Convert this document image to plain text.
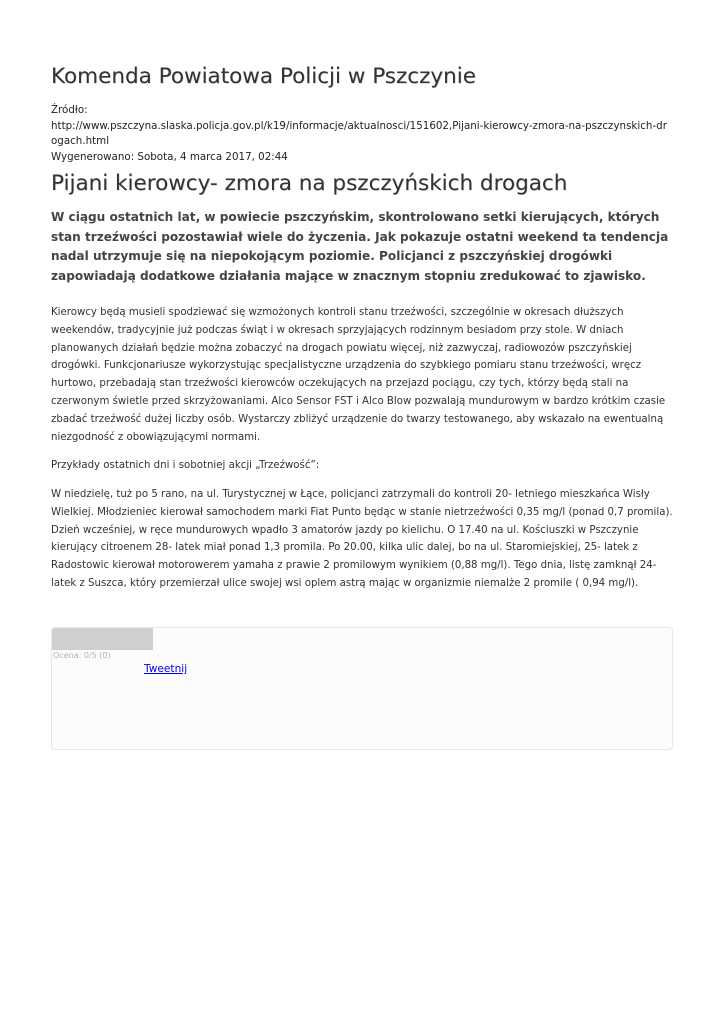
Komenda Powiatowa Policji w Pszczynie
Źródło:
http://www.pszczyna.slaska.policja.gov.pl/k19/informacje/aktualnosci/151602,Pijani-kierowcy-zmora-na-pszczynskich-drogach.html
Wygenerowano: Sobota, 4 marca 2017, 02:44
Pijani kierowcy- zmora na pszczyńskich drogach

W ciągu ostatnich lat, w powiecie pszczyńskim, skontrolowano setki kierujących, których stan trzeźwości pozostawiał wiele do życzenia. Jak pokazuje ostatni weekend ta tendencja nadal utrzymuje się na niepokojącym poziomie. Policjanci z pszczyńskiej drogówki zapowiadają dodatkowe działania mające w znacznym stopniu zredukować to zjawisko.

Kierowcy będą musieli spodziewać się wzmożonych kontroli stanu trzeźwości, szczególnie w okresach dłuższych weekendów, tradycyjnie już podczas świąt i w okresach sprzyjających rodzinnym besiadom przy stole. W dniach planowanych działań będzie można zobaczyć na drogach powiatu więcej, niż zazwyczaj, radiowozów pszczyńskiej drogówki. Funkcjonariusze wykorzystując specjalistyczne urządzenia do szybkiego pomiaru stanu trzeźwości, wręcz hurtowo, przebadają stan trzeźwości kierowców oczekujących na przejazd pociągu, czy tych, którzy będą stali na czerwonym świetle przed skrzyżowaniami. Alco Sensor FST i Alco Blow pozwalają mundurowym w bardzo krótkim czasie zbadać trzeźwość dużej liczby osób. Wystarczy zbliżyć urządzenie do twarzy testowanego, aby wskazało na ewentualną niezgodność z obowiązującymi normami.

Przykłady ostatnich dni i sobotniej akcji „Trzeźwość”:

W niedzielę, tuż po 5 rano, na ul. Turystycznej w Łące, policjanci zatrzymali do kontroli 20- letniego mieszkańca Wisły Wielkiej. Młodzieniec kierował samochodem marki Fiat Punto będąc w stanie nietrzeźwości 0,35 mg/l (ponad 0,7 promila). Dzień wcześniej, w ręce mundurowych wpadło 3 amatorów jazdy po kielichu. O 17.40 na ul. Kościuszki w Pszczynie kierujący citroenem 28- latek miał ponad 1,3 promila. Po 20.00, kilka ulic dalej, bo na ul. Staromiejskiej, 25- latek z Radostowic kierował motorowerem yamaha z prawie 2 promilowym wynikiem (0,88 mg/l). Tego dnia, listę zamknął 24- latek z Suszca, który przemierzał ulice swojej wsi oplem astrą mając w organizmie niemalże 2 promile ( 0,94 mg/l).

Ocena: 0/5 (0)
Tweetnij
